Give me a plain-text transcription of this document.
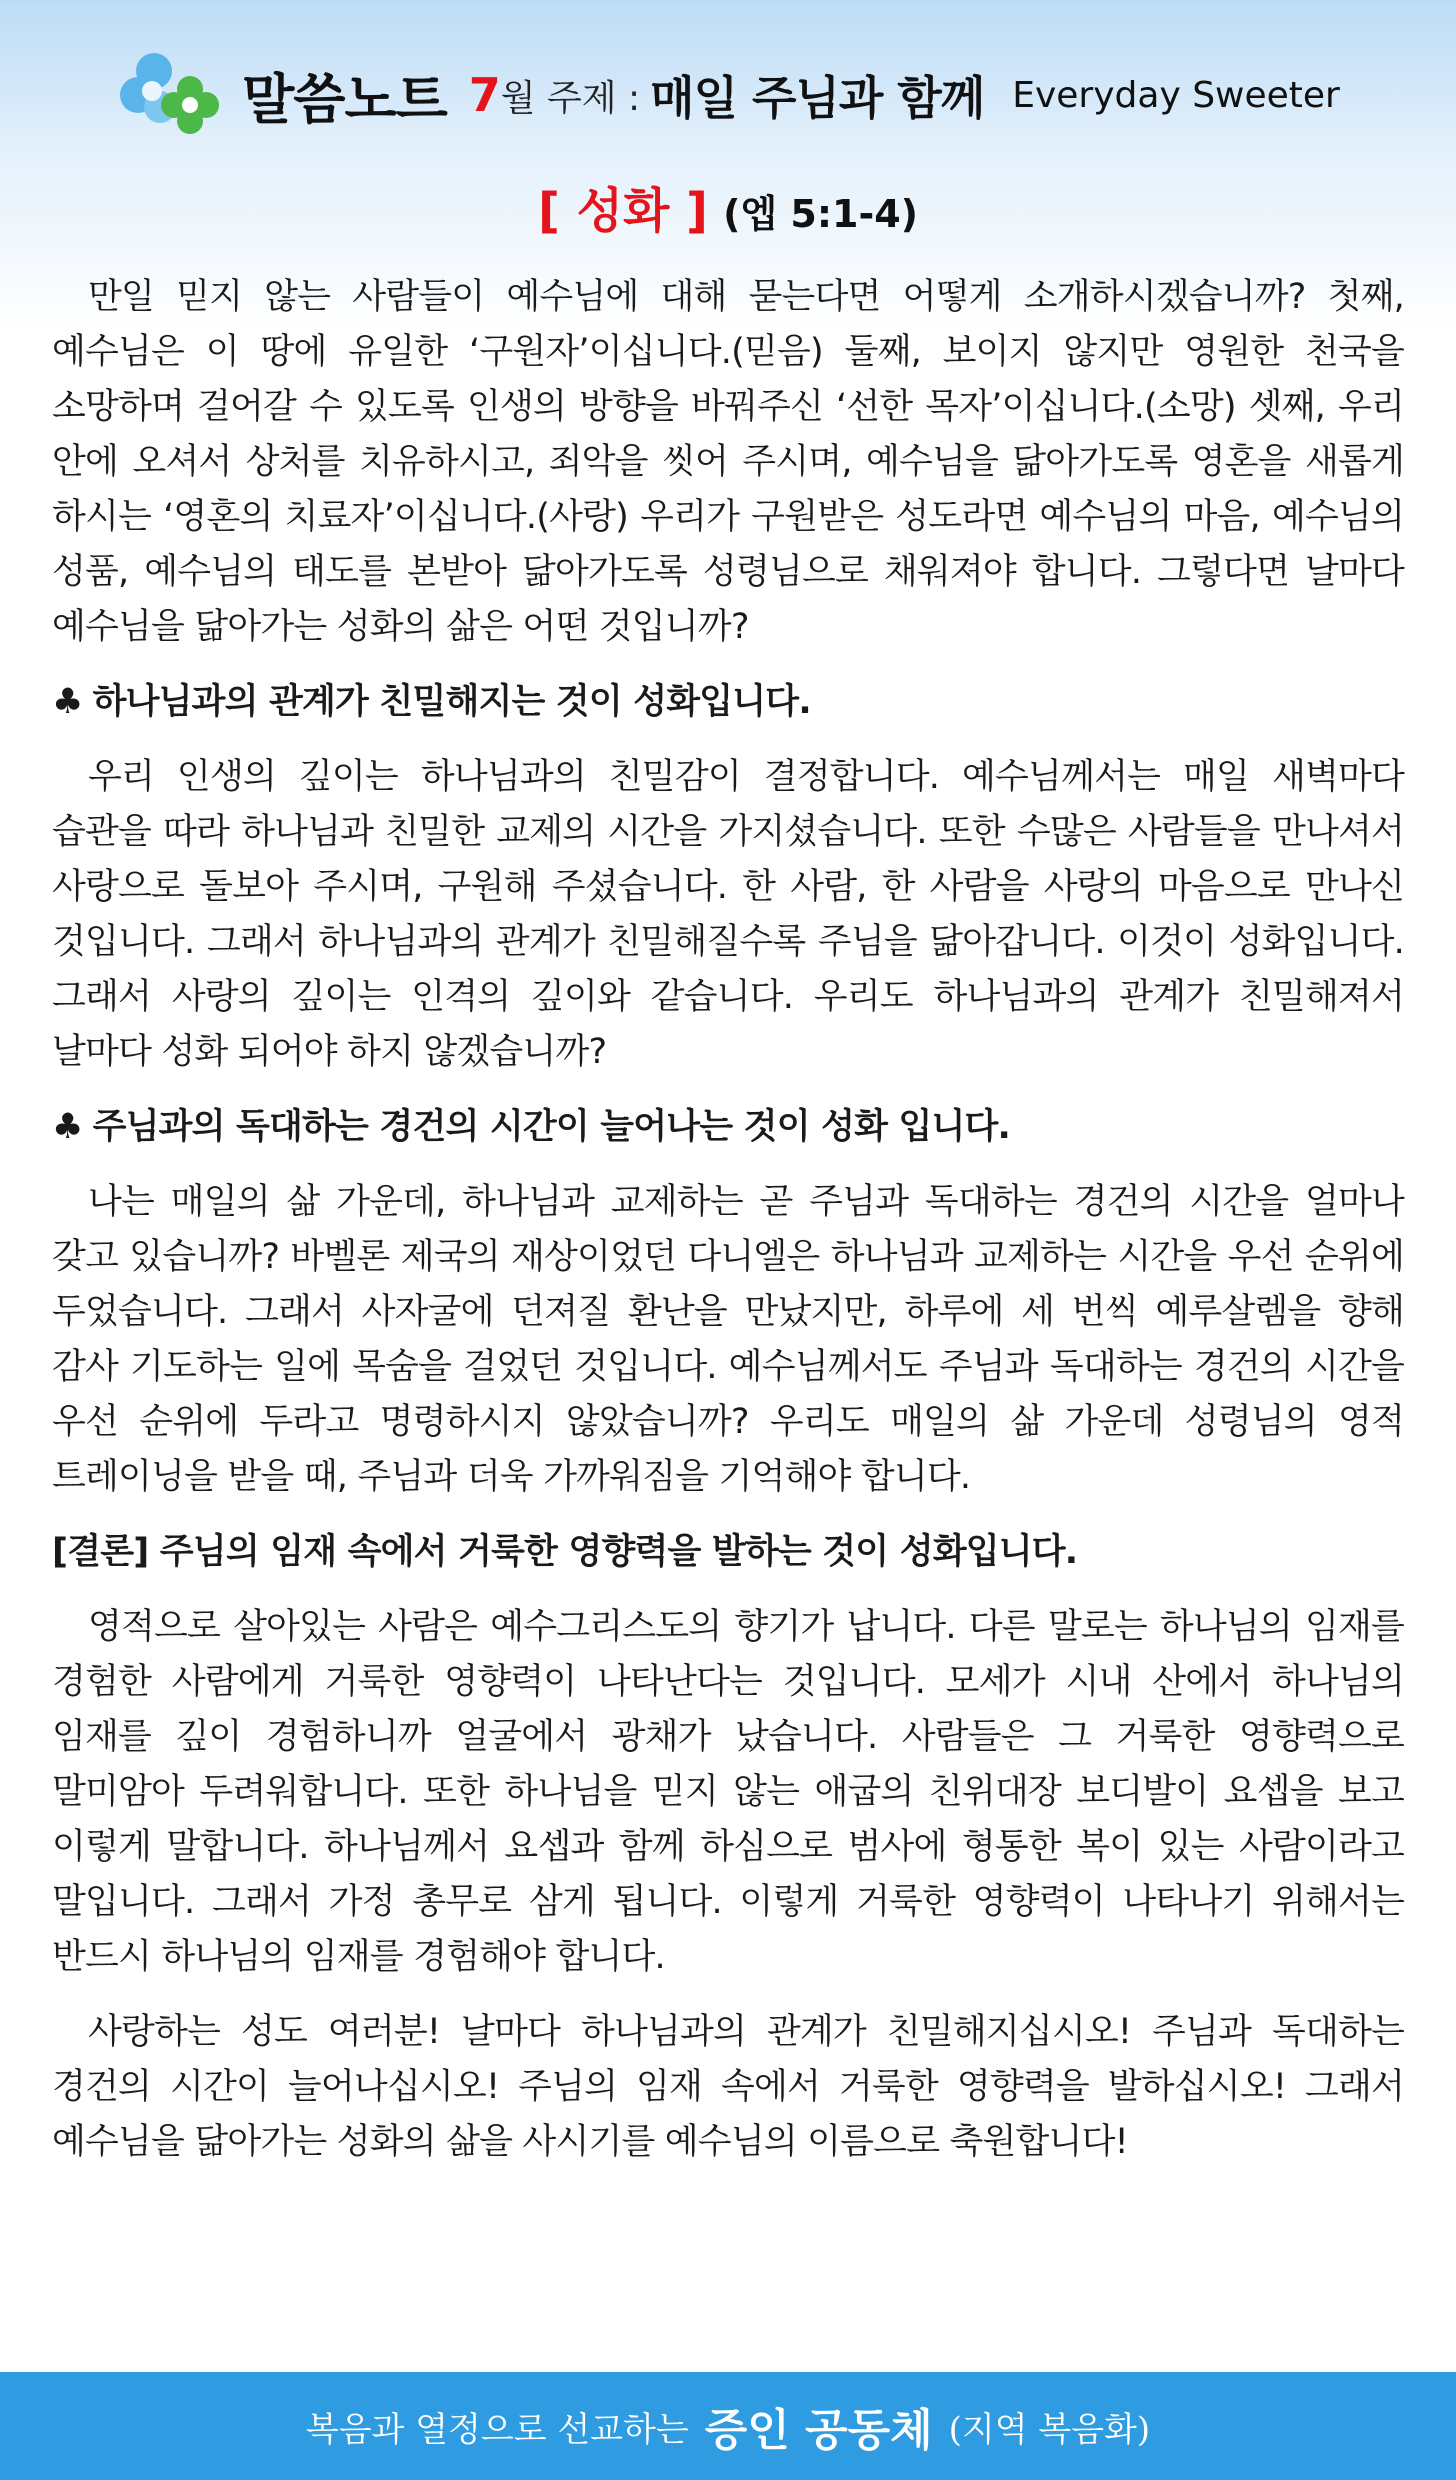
말씀노트 7 월 주제 : 매일 주님과 함께 Everyday Sweeter
[ 성화 ] (엡 5:1-4)

만일 믿지 않는 사람들이 예수님에 대해 묻는다면 어떻게 소개하시겠습니까? 첫째, 예수님은 이 땅에 유일한 ‘구원자’이십니다.(믿음) 둘째, 보이지 않지만 영원한 천국을 소망하며 걸어갈 수 있도록 인생의 방향을 바꿔주신 ‘선한 목자’이십니다.(소망) 셋째, 우리 안에 오셔서 상처를 치유하시고, 죄악을 씻어 주시며, 예수님을 닮아가도록 영혼을 새롭게 하시는 ‘영혼의 치료자’이십니다.(사랑) 우리가 구원받은 성도라면 예수님의 마음, 예수님의 성품, 예수님의 태도를 본받아 닮아가도록 성령님으로 채워져야 합니다. 그렇다면 날마다 예수님을 닮아가는 성화의 삶은 어떤 것입니까?

♣ 하나님과의 관계가 친밀해지는 것이 성화입니다.

우리 인생의 깊이는 하나님과의 친밀감이 결정합니다. 예수님께서는 매일 새벽마다 습관을 따라 하나님과 친밀한 교제의 시간을 가지셨습니다. 또한 수많은 사람들을 만나셔서 사랑으로 돌보아 주시며, 구원해 주셨습니다. 한 사람, 한 사람을 사랑의 마음으로 만나신 것입니다. 그래서 하나님과의 관계가 친밀해질수록 주님을 닮아갑니다. 이것이 성화입니다. 그래서 사랑의 깊이는 인격의 깊이와 같습니다. 우리도 하나님과의 관계가 친밀해져서 날마다 성화 되어야 하지 않겠습니까?

♣ 주님과의 독대하는 경건의 시간이 늘어나는 것이 성화 입니다.

나는 매일의 삶 가운데, 하나님과 교제하는 곧 주님과 독대하는 경건의 시간을 얼마나 갖고 있습니까? 바벨론 제국의 재상이었던 다니엘은 하나님과 교제하는 시간을 우선 순위에 두었습니다. 그래서 사자굴에 던져질 환난을 만났지만, 하루에 세 번씩 예루살렘을 향해 감사 기도하는 일에 목숨을 걸었던 것입니다. 예수님께서도 주님과 독대하는 경건의 시간을 우선 순위에 두라고 명령하시지 않았습니까? 우리도 매일의 삶 가운데 성령님의 영적 트레이닝을 받을 때, 주님과 더욱 가까워짐을 기억해야 합니다.

[결론] 주님의 임재 속에서 거룩한 영향력을 발하는 것이 성화입니다.

영적으로 살아있는 사람은 예수그리스도의 향기가 납니다. 다른 말로는 하나님의 임재를 경험한 사람에게 거룩한 영향력이 나타난다는 것입니다. 모세가 시내 산에서 하나님의 임재를 깊이 경험하니까 얼굴에서 광채가 났습니다. 사람들은 그 거룩한 영향력으로 말미암아 두려워합니다. 또한 하나님을 믿지 않는 애굽의 친위대장 보디발이 요셉을 보고 이렇게 말합니다. 하나님께서 요셉과 함께 하심으로 범사에 형통한 복이 있는 사람이라고 말입니다. 그래서 가정 총무로 삼게 됩니다. 이렇게 거룩한 영향력이 나타나기 위해서는 반드시 하나님의 임재를 경험해야 합니다.

사랑하는 성도 여러분! 날마다 하나님과의 관계가 친밀해지십시오! 주님과 독대하는 경건의 시간이 늘어나십시오! 주님의 임재 속에서 거룩한 영향력을 발하십시오! 그래서 예수님을 닮아가는 성화의 삶을 사시기를 예수님의 이름으로 축원합니다!

복음과 열정으로 선교하는 증인 공동체 (지역 복음화)
